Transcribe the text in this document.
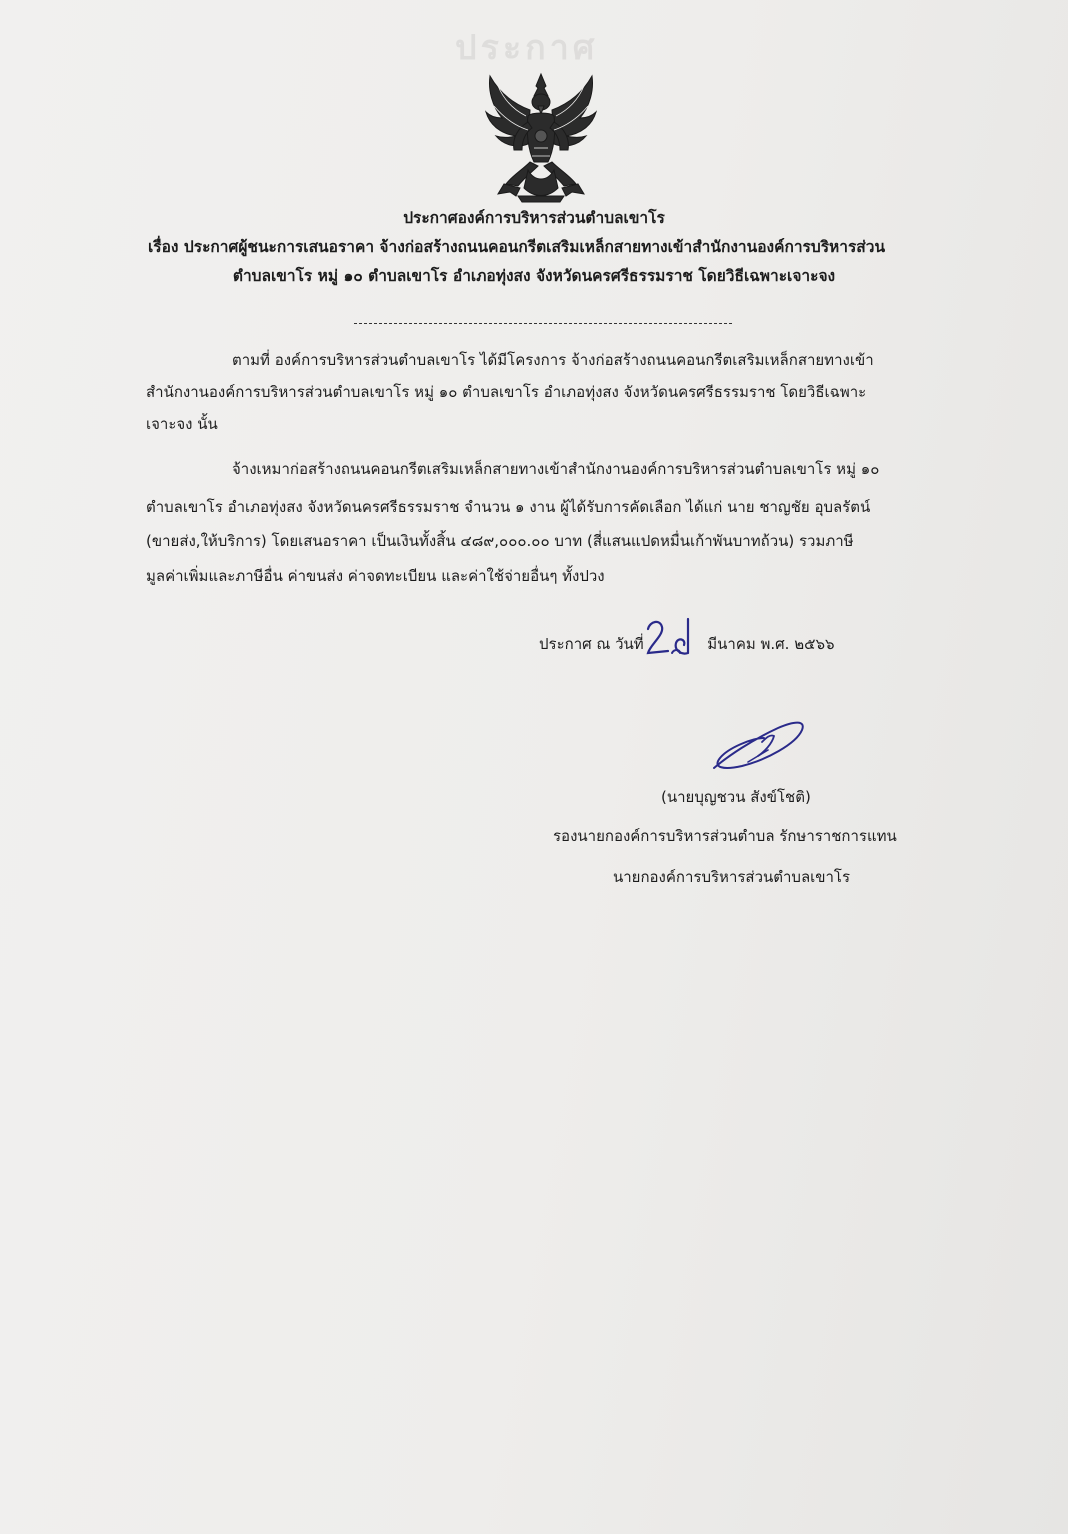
ประกาศ
ประกาศองค์การบริหารส่วนตำบลเขาโร
เรื่อง ประกาศผู้ชนะการเสนอราคา จ้างก่อสร้างถนนคอนกรีตเสริมเหล็กสายทางเข้าสำนักงานองค์การบริหารส่วน
ตำบลเขาโร หมู่ ๑๐ ตำบลเขาโร อำเภอทุ่งสง จังหวัดนครศรีธรรมราช โดยวิธีเฉพาะเจาะจง
ตามที่ องค์การบริหารส่วนตำบลเขาโร ได้มีโครงการ จ้างก่อสร้างถนนคอนกรีตเสริมเหล็กสายทางเข้า
สำนักงานองค์การบริหารส่วนตำบลเขาโร หมู่ ๑๐ ตำบลเขาโร อำเภอทุ่งสง จังหวัดนครศรีธรรมราช โดยวิธีเฉพาะ
เจาะจง นั้น
จ้างเหมาก่อสร้างถนนคอนกรีตเสริมเหล็กสายทางเข้าสำนักงานองค์การบริหารส่วนตำบลเขาโร หมู่ ๑๐
ตำบลเขาโร อำเภอทุ่งสง จังหวัดนครศรีธรรมราช จำนวน ๑ งาน ผู้ได้รับการคัดเลือก ได้แก่ นาย ชาญชัย อุบลรัตน์
(ขายส่ง,ให้บริการ) โดยเสนอราคา เป็นเงินทั้งสิ้น ๔๘๙,๐๐๐.๐๐ บาท (สี่แสนแปดหมื่นเก้าพันบาทถ้วน) รวมภาษี
มูลค่าเพิ่มและภาษีอื่น ค่าขนส่ง ค่าจดทะเบียน และค่าใช้จ่ายอื่นๆ ทั้งปวง
ประกาศ ณ วันที่	มีนาคม พ.ศ. ๒๕๖๖
(นายบุญชวน สังข์โชติ)
รองนายกองค์การบริหารส่วนตำบล รักษาราชการแทน
นายกองค์การบริหารส่วนตำบลเขาโร
